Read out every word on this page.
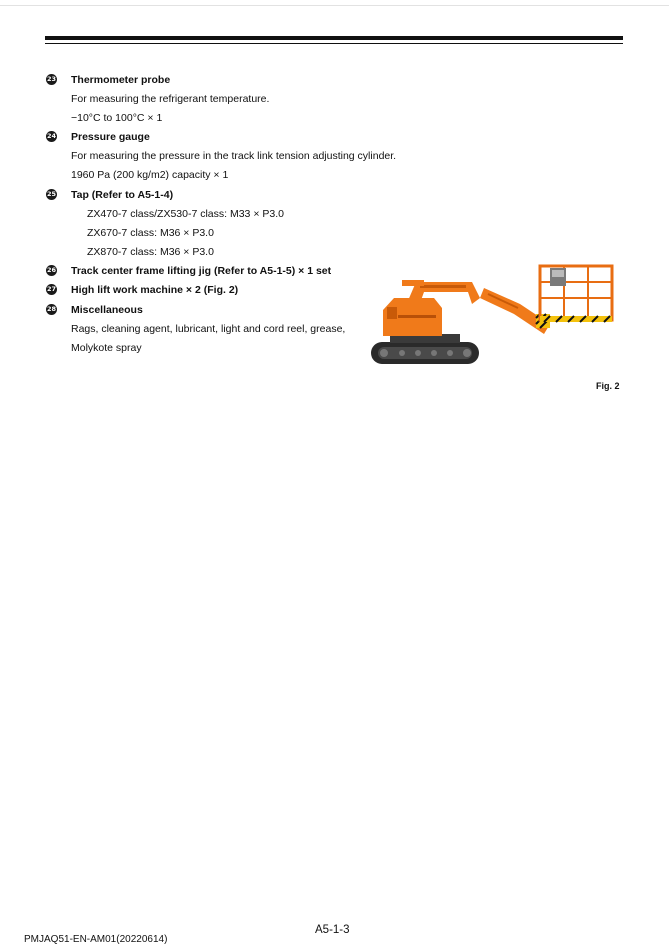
23 Thermometer probe
For measuring the refrigerant temperature.
−10°C to 100°C × 1
24 Pressure gauge
For measuring the pressure in the track link tension adjusting cylinder.
1960 Pa (200 kg/m2) capacity × 1
25 Tap (Refer to A5-1-4)
ZX470-7 class/ZX530-7 class: M33 × P3.0
ZX670-7 class: M36 × P3.0
ZX870-7 class: M36 × P3.0
26 Track center frame lifting jig (Refer to A5-1-5) × 1 set
27 High lift work machine × 2 (Fig. 2)
28 Miscellaneous
Rags, cleaning agent, lubricant, light and cord reel, grease,
Molykote spray
Fig. 2
A5-1-3
PMJAQ51-EN-AM01(20220614)
